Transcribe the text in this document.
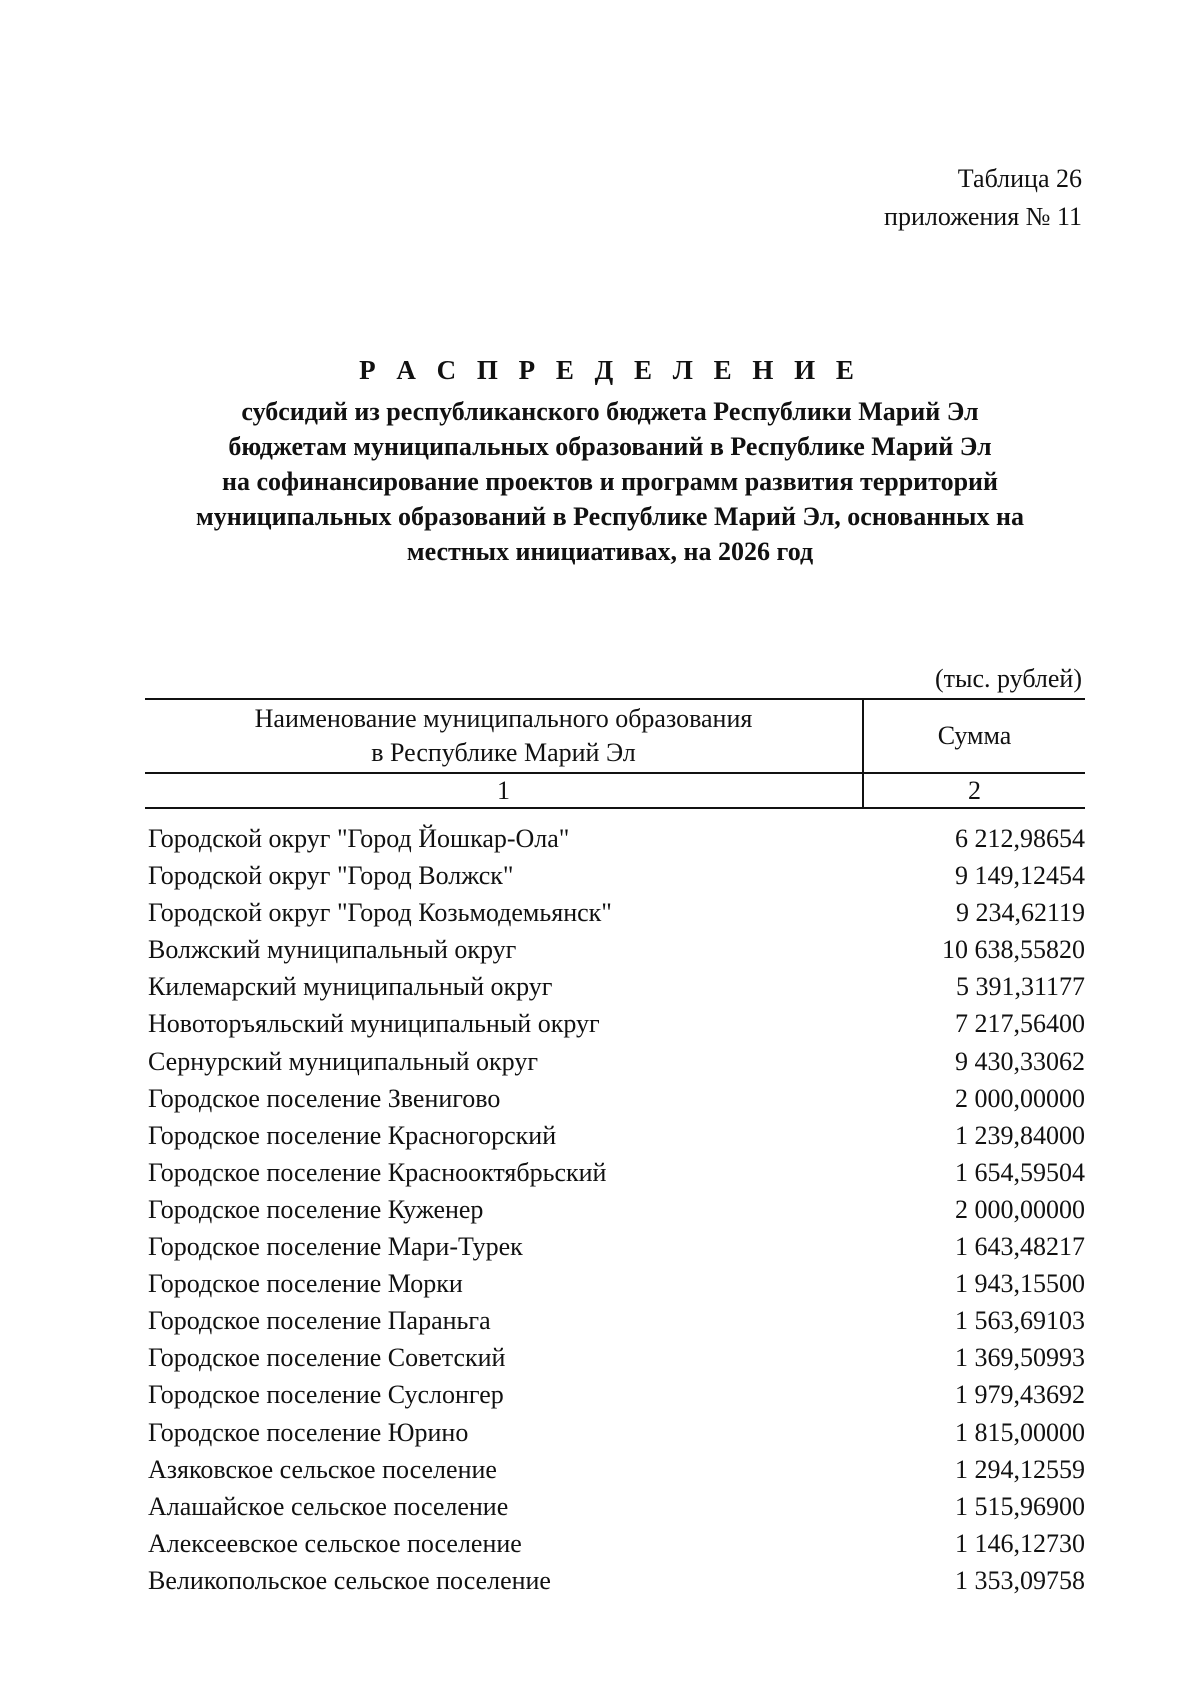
Таблица 26
приложения № 11
Р А С П Р Е Д Е Л Е Н И Е
субсидий из республиканского бюджета Республики Марий Эл
бюджетам муниципальных образований в Республике Марий Эл
на софинансирование проектов и программ развития территорий
муниципальных образований в Республике Марий Эл, основанных на
местных инициативах, на 2026 год
(тыс. рублей)
Наименование муниципального образования
в Республике Марий Эл	Сумма
1	2
Городской округ "Город Йошкар-Ола"	6 212,98654
Городской округ "Город Волжск"	9 149,12454
Городской округ "Город Козьмодемьянск"	9 234,62119
Волжский муниципальный округ	10 638,55820
Килемарский муниципальный округ	5 391,31177
Новоторъяльский муниципальный округ	7 217,56400
Сернурский муниципальный округ	9 430,33062
Городское поселение Звенигово	2 000,00000
Городское поселение Красногорский	1 239,84000
Городское поселение Краснооктябрьский	1 654,59504
Городское поселение Куженер	2 000,00000
Городское поселение Мари-Турек	1 643,48217
Городское поселение Морки	1 943,15500
Городское поселение Параньга	1 563,69103
Городское поселение Советский	1 369,50993
Городское поселение Суслонгер	1 979,43692
Городское поселение Юрино	1 815,00000
Азяковское сельское поселение	1 294,12559
Алашайское сельское поселение	1 515,96900
Алексеевское сельское поселение	1 146,12730
Великопольское сельское поселение	1 353,09758
